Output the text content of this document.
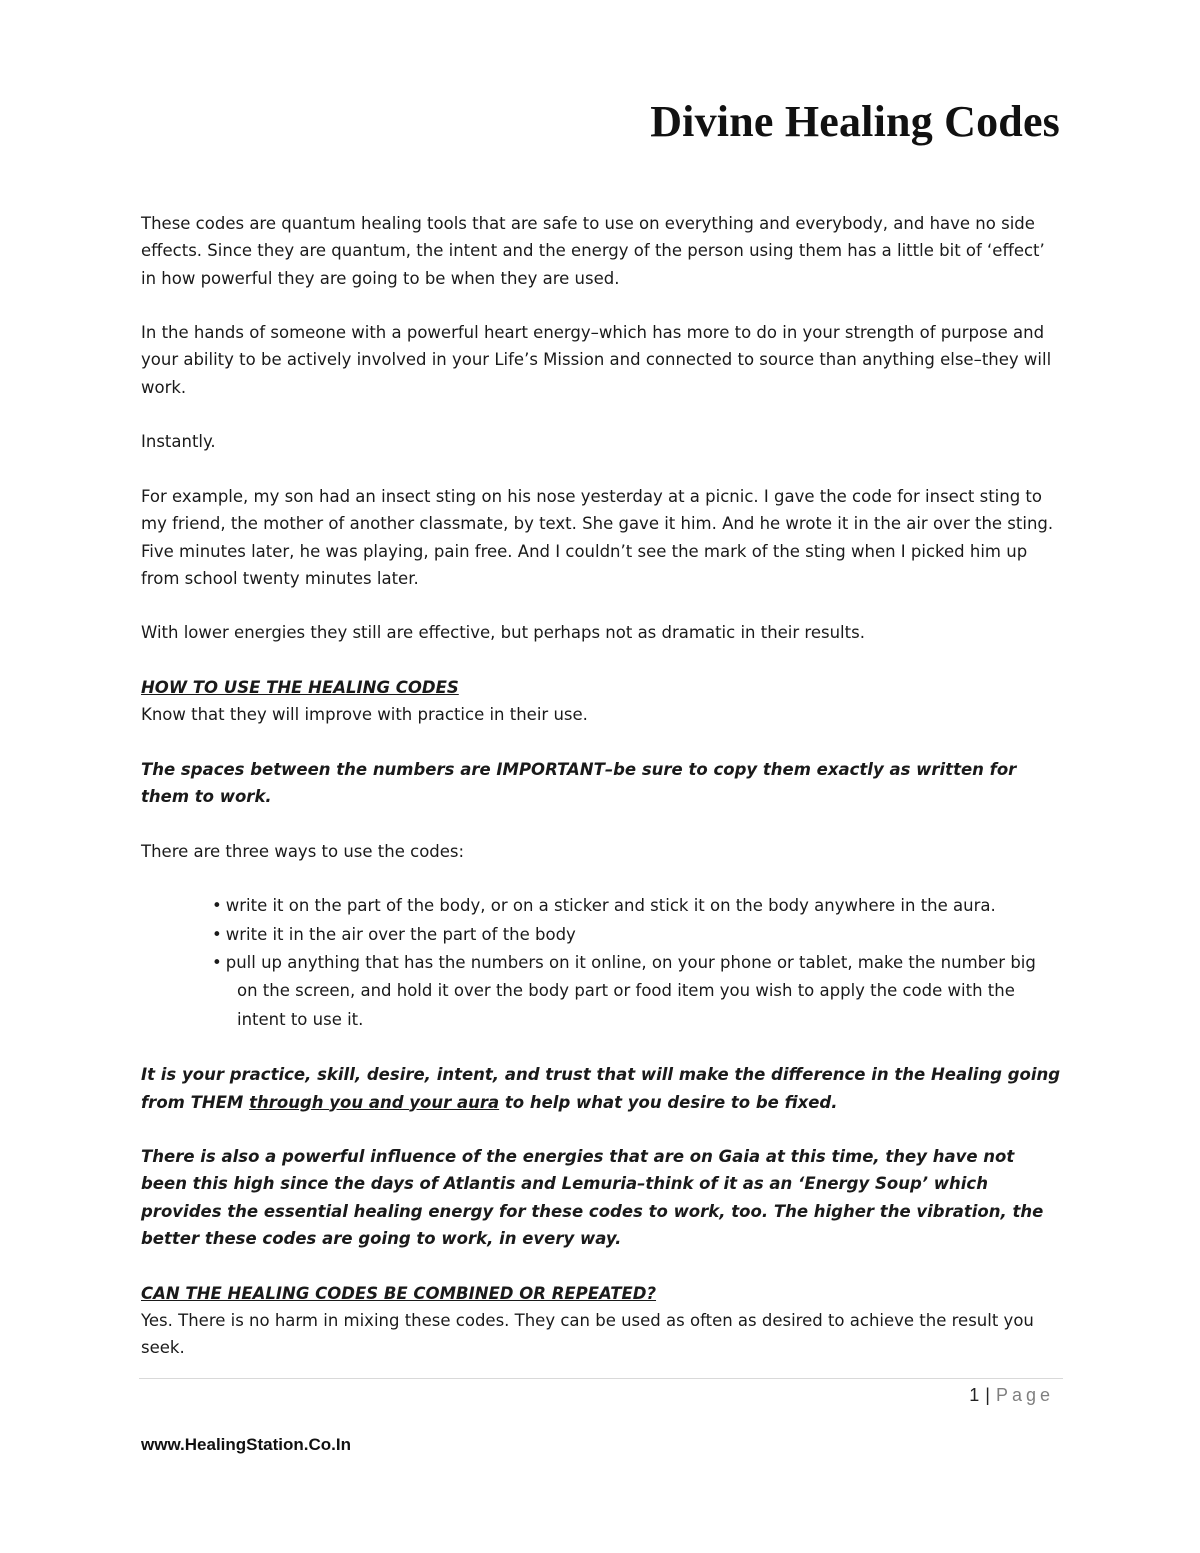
Divine Healing Codes

These codes are quantum healing tools that are safe to use on everything and everybody, and have no side effects. Since they are quantum, the intent and the energy of the person using them has a little bit of ‘effect’ in how powerful they are going to be when they are used.

In the hands of someone with a powerful heart energy–which has more to do in your strength of purpose and your ability to be actively involved in your Life’s Mission and connected to source than anything else–they will work.

Instantly.

For example, my son had an insect sting on his nose yesterday at a picnic. I gave the code for insect sting to my friend, the mother of another classmate, by text. She gave it him. And he wrote it in the air over the sting. Five minutes later, he was playing, pain free. And I couldn’t see the mark of the sting when I picked him up from school twenty minutes later.

With lower energies they still are effective, but perhaps not as dramatic in their results.

HOW TO USE THE HEALING CODES

Know that they will improve with practice in their use.

The spaces between the numbers are IMPORTANT–be sure to copy them exactly as written for them to work.

There are three ways to use the codes:

• write it on the part of the body, or on a sticker and stick it on the body anywhere in the aura.
• write it in the air over the part of the body
• pull up anything that has the numbers on it online, on your phone or tablet, make the number big on the screen, and hold it over the body part or food item you wish to apply the code with the intent to use it.

It is your practice, skill, desire, intent, and trust that will make the difference in the Healing going from THEM through you and your aura to help what you desire to be fixed.

There is also a powerful influence of the energies that are on Gaia at this time, they have not been this high since the days of Atlantis and Lemuria–think of it as an ‘Energy Soup’ which provides the essential healing energy for these codes to work, too. The higher the vibration, the better these codes are going to work, in every way.

CAN THE HEALING CODES BE COMBINED OR REPEATED?

Yes. There is no harm in mixing these codes. They can be used as often as desired to achieve the result you seek.

1 | Page
www.HealingStation.Co.In
